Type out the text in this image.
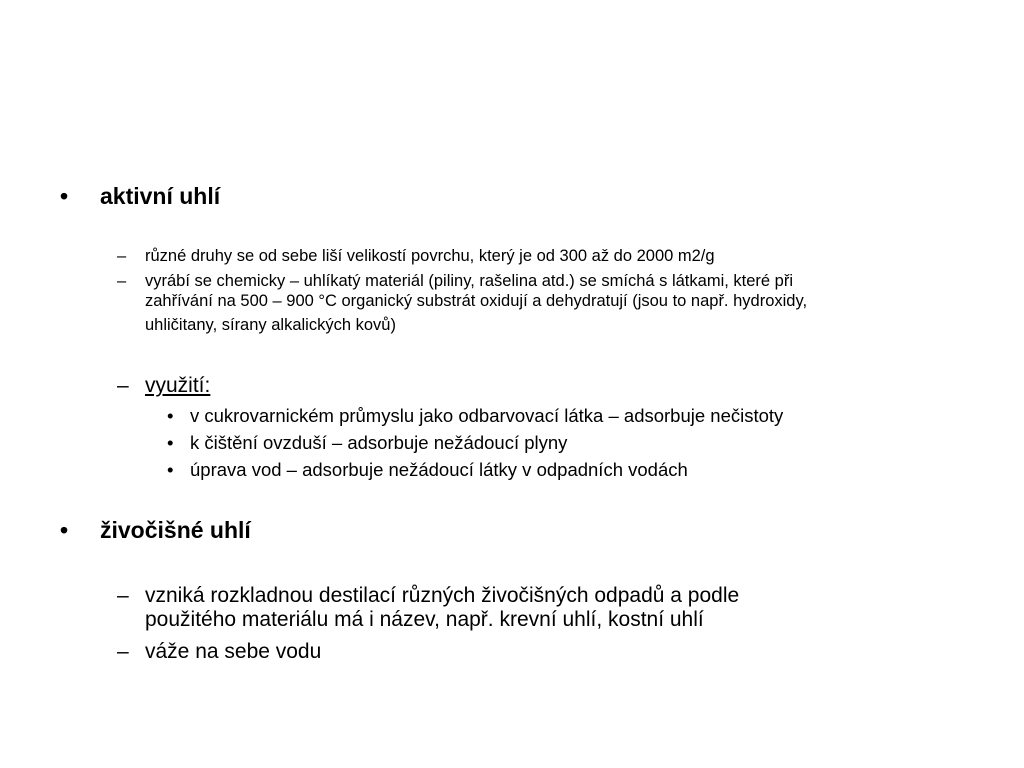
• aktivní uhlí
– různé druhy se od sebe liší velikostí povrchu, který je od 300 až do 2000 m2/g
– vyrábí se chemicky – uhlíkatý materiál (piliny, rašelina atd.) se smíchá s látkami, které při
zahřívání na 500 – 900 °C organický substrát oxidují a dehydratují (jsou to např. hydroxidy,
uhličitany, sírany alkalických kovů)
– využití:
• v cukrovarnickém průmyslu jako odbarvovací látka – adsorbuje nečistoty
• k čištění ovzduší – adsorbuje nežádoucí plyny
• úprava vod – adsorbuje nežádoucí látky v odpadních vodách
• živočišné uhlí
– vzniká rozkladnou destilací různých živočišných odpadů a podle
použitého materiálu má i název, např. krevní uhlí, kostní uhlí
– váže na sebe vodu
